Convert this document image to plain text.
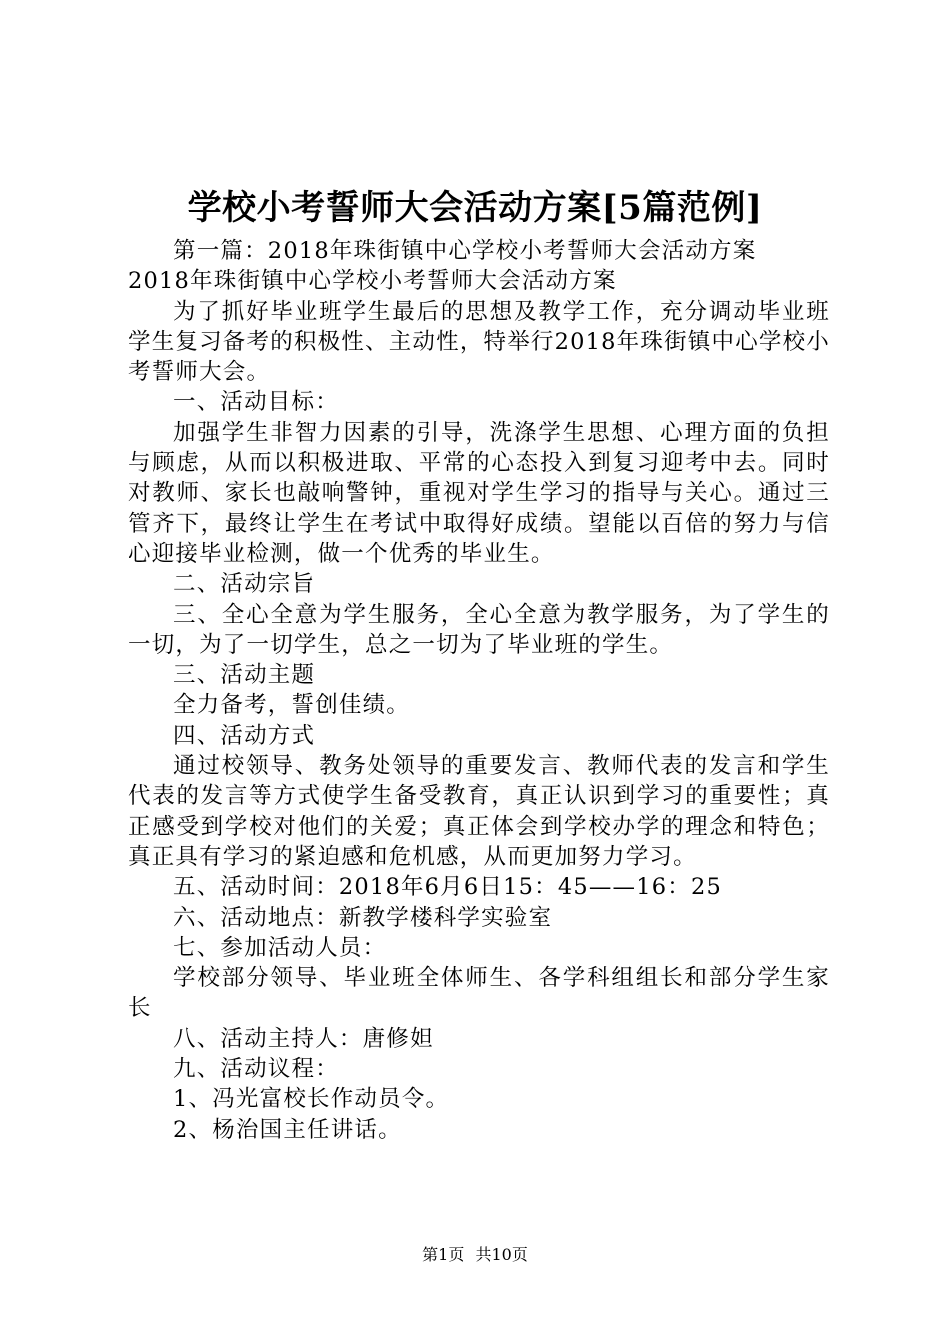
学校小考誓师大会活动方案[5篇范例]

第一篇：2018年珠街镇中心学校小考誓师大会活动方案

2018年珠街镇中心学校小考誓师大会活动方案

为了抓好毕业班学生最后的思想及教学工作，充分调动毕业班学生复习备考的积极性、主动性，特举行2018年珠街镇中心学校小考誓师大会。

一、活动目标：

加强学生非智力因素的引导，洗涤学生思想、心理方面的负担与顾虑，从而以积极进取、平常的心态投入到复习迎考中去。同时对教师、家长也敲响警钟，重视对学生学习的指导与关心。通过三管齐下，最终让学生在考试中取得好成绩。望能以百倍的努力与信心迎接毕业检测，做一个优秀的毕业生。

二、活动宗旨

三、全心全意为学生服务，全心全意为教学服务，为了学生的一切，为了一切学生，总之一切为了毕业班的学生。

三、活动主题

全力备考，誓创佳绩。

四、活动方式

通过校领导、教务处领导的重要发言、教师代表的发言和学生代表的发言等方式使学生备受教育，真正认识到学习的重要性；真正感受到学校对他们的关爱；真正体会到学校办学的理念和特色；真正具有学习的紧迫感和危机感，从而更加努力学习。

五、活动时间：2018年6月6日15：45——16：25

六、活动地点：新教学楼科学实验室

七、参加活动人员：

学校部分领导、毕业班全体师生、各学科组组长和部分学生家长

八、活动主持人：唐修妲

九、活动议程：

1、冯光富校长作动员令。

2、杨治国主任讲话。

第1页 共10页
